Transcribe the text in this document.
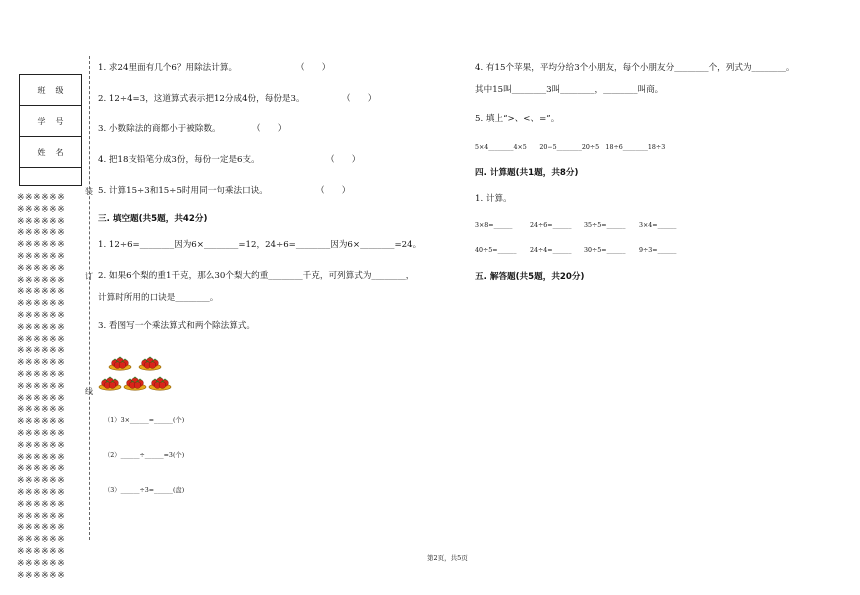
班级
学号
姓名
※※※※※※
※※※※※※
※※※※※※
※※※※※※
※※※※※※
※※※※※※
※※※※※※
※※※※※※
※※※※※※
※※※※※※
※※※※※※
※※※※※※
※※※※※※
※※※※※※
※※※※※※
※※※※※※
※※※※※※
※※※※※※
※※※※※※
※※※※※※
※※※※※※
※※※※※※
※※※※※※
※※※※※※
※※※※※※
※※※※※※
※※※※※※
※※※※※※
※※※※※※
※※※※※※
※※※※※※
※※※※※※
※※※※※※
装
订
线
1. 求24里面有几个6？用除法计算。	（　　）
2. 12÷4=3，这道算式表示把12分成4份，每份是3。	（　　）
3. 小数除法的商都小于被除数。	（　　）
4. 把18支铅笔分成3份，每份一定是6支。	（　　）
5. 计算15÷3和15÷5时用同一句乘法口诀。	（　　）
三. 填空题(共5题，共42分)
1. 12÷6=________因为6×________=12，24÷6=________因为6×________=24。
2. 如果6个梨的重1千克，那么30个梨大约重________千克，可列算式为________，
计算时所用的口诀是________。
3. 看图写一个乘法算式和两个除法算式。
（1）3×______=______(个)
（2）______÷______=3(个)
（3）______÷3=______(盘)
4. 有15个苹果，平均分给3个小朋友，每个小朋友分________个，列式为________。
其中15叫________3叫________，________叫商。
5. 填上“>、<、=”。
5×4________4×5　　20−5________20÷5　18÷6________18÷3
四. 计算题(共1题，共8分)
1. 计算。
3×8=______	24÷6=______ 35÷5=______ 3×4=______
40÷5=______ 24÷4=______ 30÷5=______ 9÷3=______
五. 解答题(共5题，共20分)
第2页，共5页
